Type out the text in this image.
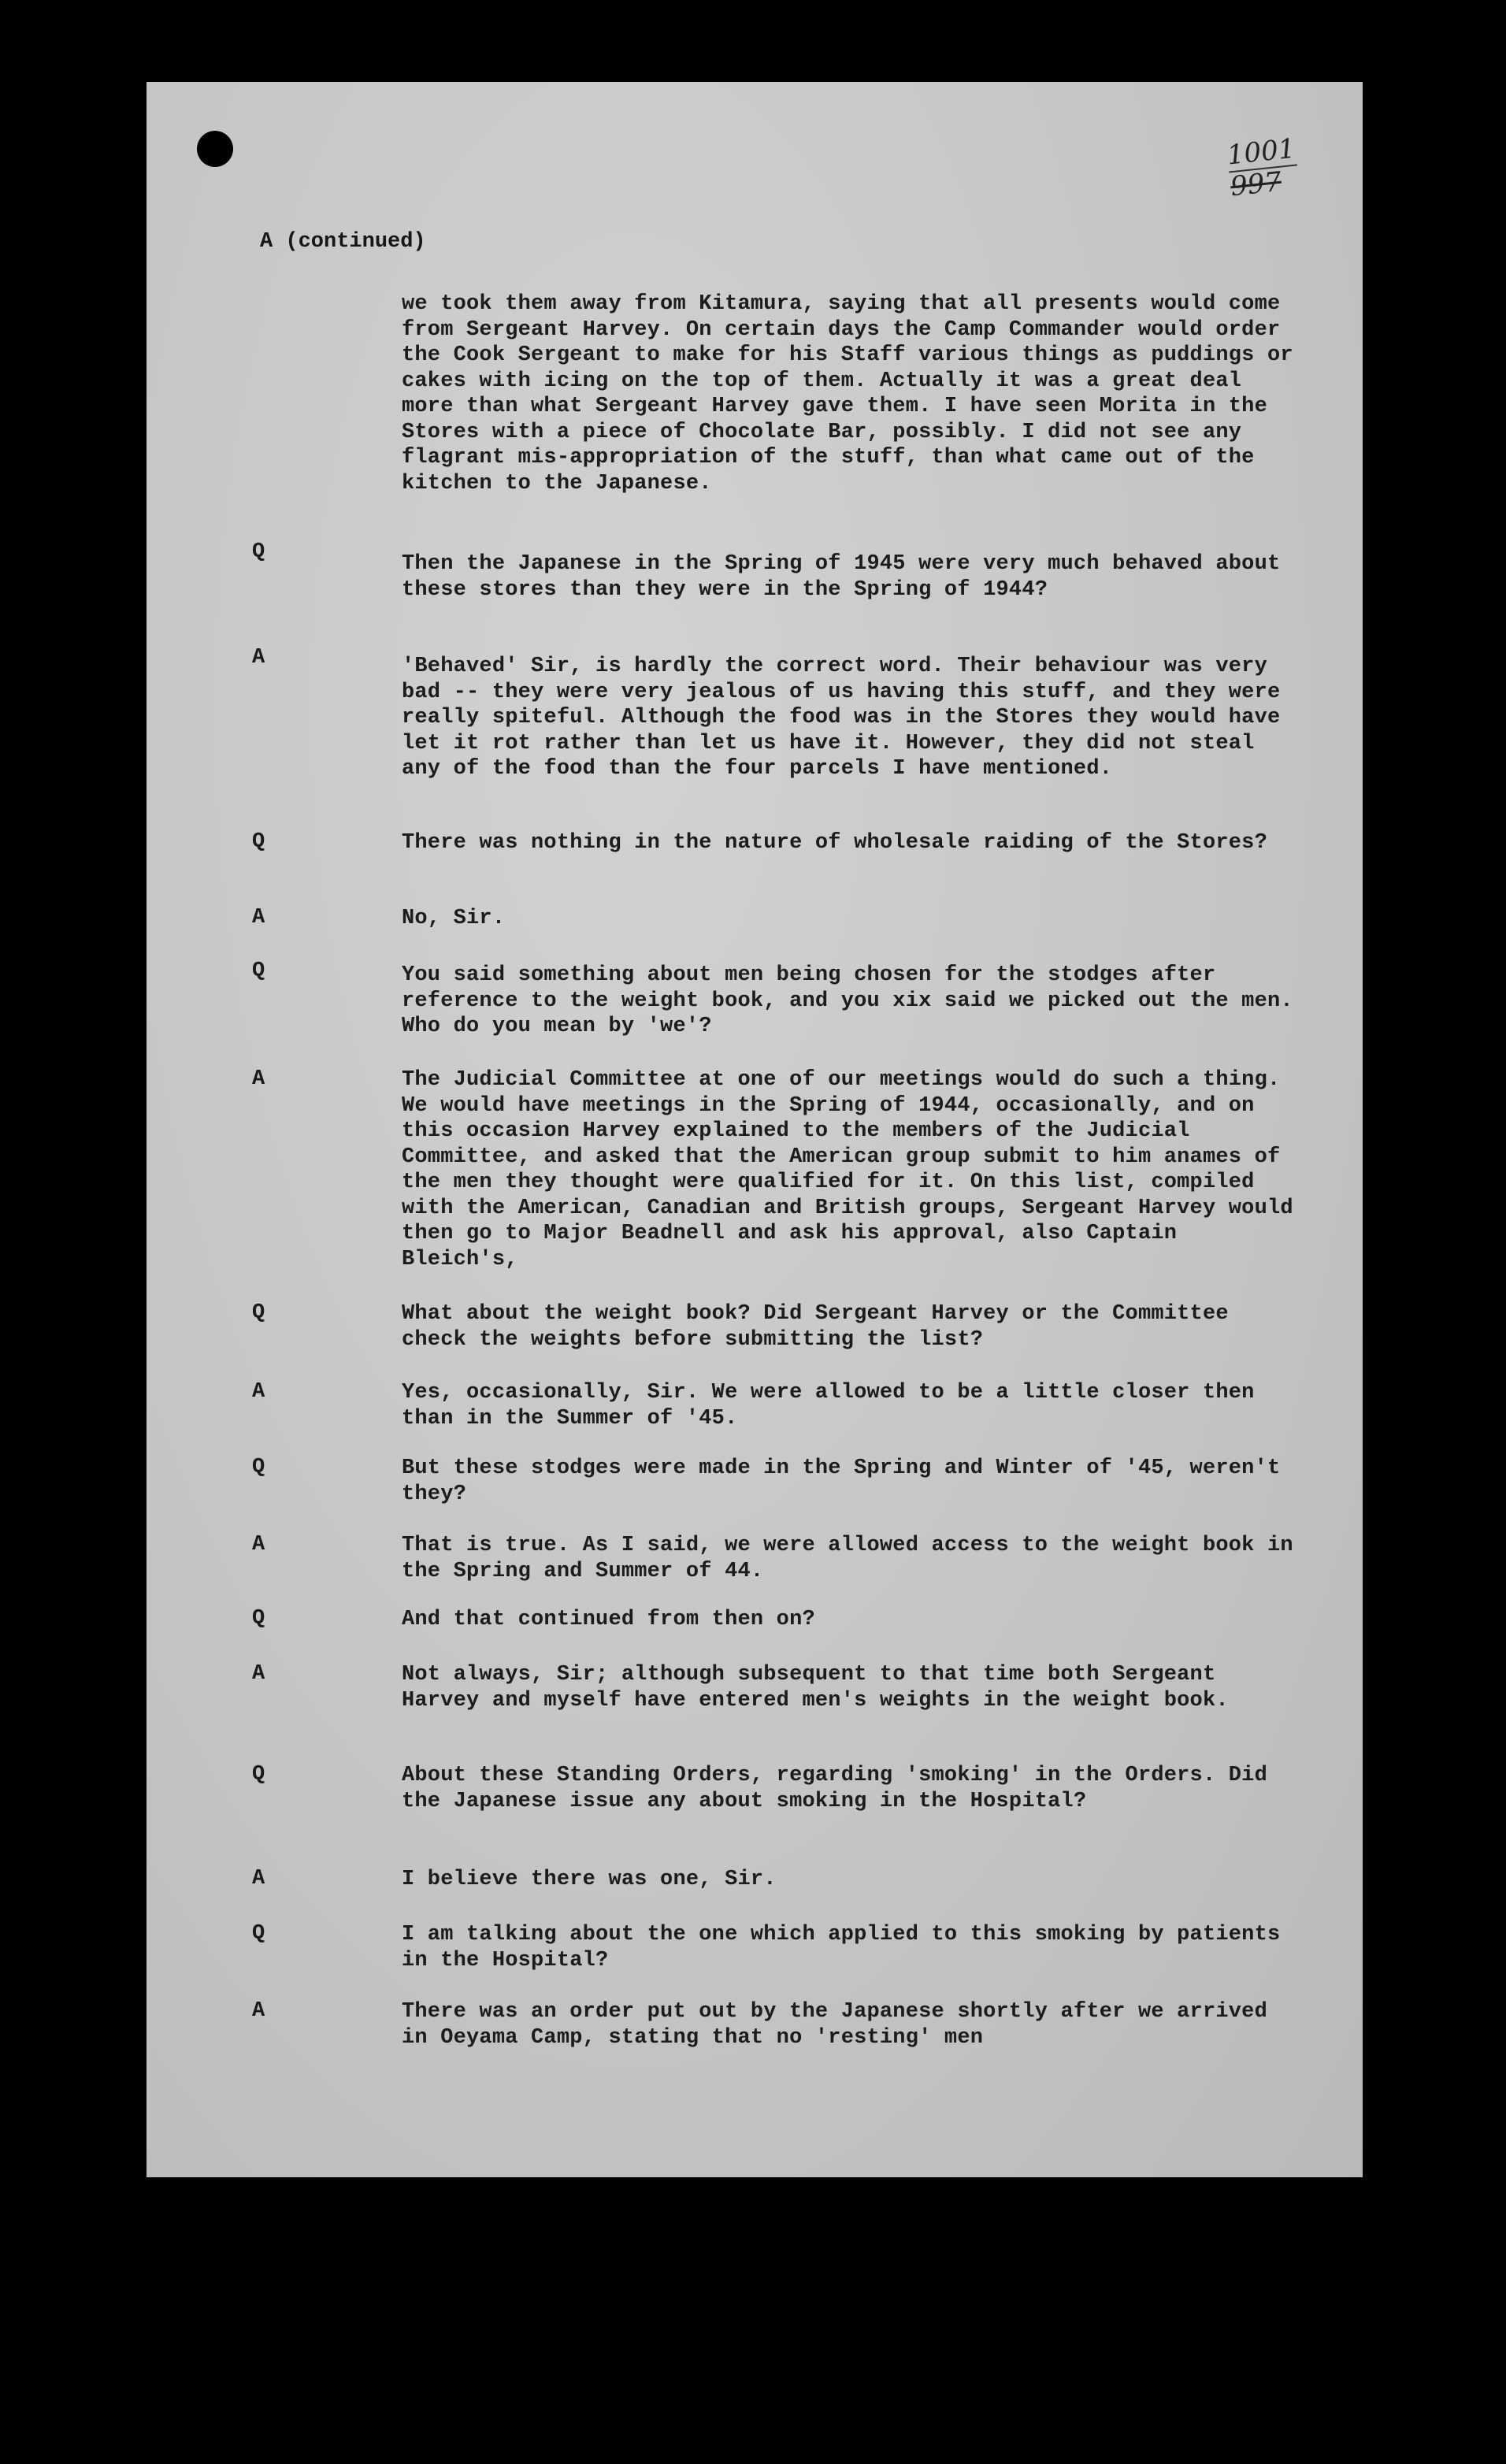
1001
997
A (continued)
we took them away from Kitamura, saying that all presents would come from Sergeant Harvey. On certain days the Camp Commander would order the Cook Sergeant to make for his Staff various things as puddings or cakes with icing on the top of them. Actually it was a great deal more than what Sergeant Harvey gave them. I have seen Morita in the Stores with a piece of Chocolate Bar, possibly. I did not see any flagrant mis-appropriation of the stuff, than what came out of the kitchen to the Japanese.
Q	Then the Japanese in the Spring of 1945 were very much behaved about these stores than they were in the Spring of 1944?
A	'Behaved' Sir, is hardly the correct word. Their behaviour was very bad -- they were very jealous of us having this stuff, and they were really spiteful. Although the food was in the Stores they would have let it rot rather than let us have it. However, they did not steal any of the food than the four parcels I have mentioned.
Q	There was nothing in the nature of wholesale raiding of the Stores?
A	No, Sir.
Q	You said something about men being chosen for the stodges after reference to the weight book, and you xix said we picked out the men. Who do you mean by 'we'?
A	The Judicial Committee at one of our meetings would do such a thing. We would have meetings in the Spring of 1944, occasionally, and on this occasion Harvey explained to the members of the Judicial Committee, and asked that the American group submit to him anames of the men they thought were qualified for it. On this list, compiled with the American, Canadian and British groups, Sergeant Harvey would then go to Major Beadnell and ask his approval, also Captain Bleich's,
Q	What about the weight book? Did Sergeant Harvey or the Committee check the weights before submitting the list?
A	Yes, occasionally, Sir. We were allowed to be a little closer then than in the Summer of '45.
Q	But these stodges were made in the Spring and Winter of '45, weren't they?
A	That is true. As I said, we were allowed access to the weight book in the Spring and Summer of 44.
Q	And that continued from then on?
A	Not always, Sir; although subsequent to that time both Sergeant Harvey and myself have entered men's weights in the weight book.
Q	About these Standing Orders, regarding 'smoking' in the Orders. Did the Japanese issue any about smoking in the Hospital?
A	I believe there was one, Sir.
Q	I am talking about the one which applied to this smoking by patients in the Hospital?
A	There was an order put out by the Japanese shortly after we arrived in Oeyama Camp, stating that no 'resting' men
